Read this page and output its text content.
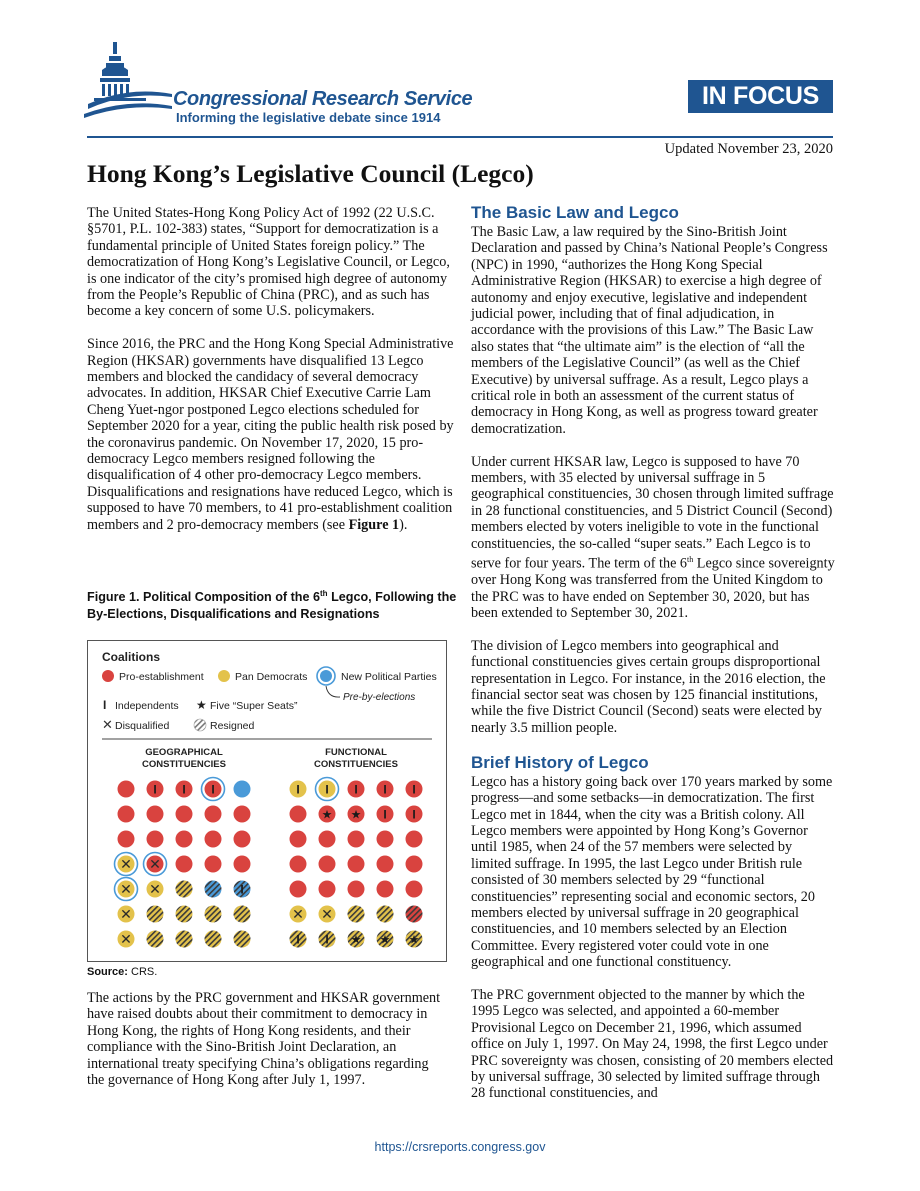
Congressional Research Service
Informing the legislative debate since 1914
IN FOCUS
Updated November 23, 2020
Hong Kong’s Legislative Council (Legco)

The United States-Hong Kong Policy Act of 1992 (22 U.S.C. §5701, P.L. 102-383) states, “Support for democratization is a fundamental principle of United States foreign policy.” The democratization of Hong Kong’s Legislative Council, or Legco, is one indicator of the city’s promised high degree of autonomy from the People’s Republic of China (PRC), and as such has become a key concern of some U.S. policymakers.

Since 2016, the PRC and the Hong Kong Special Administrative Region (HKSAR) governments have disqualified 13 Legco members and blocked the candidacy of several democracy advocates. In addition, HKSAR Chief Executive Carrie Lam Cheng Yuet-ngor postponed Legco elections scheduled for September 2020 for a year, citing the public health risk posed by the coronavirus pandemic. On November 17, 2020, 15 pro-democracy Legco members resigned following the disqualification of 4 other pro-democracy Legco members. Disqualifications and resignations have reduced Legco, which is supposed to have 70 members, to 41 pro-establishment coalition members and 2 pro-democracy members (see Figure 1).

Figure 1. Political Composition of the 6th Legco, Following the By-Elections, Disqualifications and Resignations
Coalitions
Pro-establishment	Pan Democrats	New Political Parties
Pre-by-elections
I Independents ★ Five “Super Seats”
✕ Disqualified	Resigned
GEOGRAPHICAL
CONSTITUENCIES
FUNCTIONAL
CONSTITUENCIES
I I I
✕ ✕
✕ ✕	I
✕
✕
I I I I I
★ ★ I I
✕ ✕
I I ★ ★ ★
Source: CRS.

The actions by the PRC government and HKSAR government have raised doubts about their commitment to democracy in Hong Kong, the rights of Hong Kong residents, and their compliance with the Sino-British Joint Declaration, an international treaty specifying China’s obligations regarding the governance of Hong Kong after July 1, 1997.

The Basic Law and Legco

The Basic Law, a law required by the Sino-British Joint Declaration and passed by China’s National People’s Congress (NPC) in 1990, “authorizes the Hong Kong Special Administrative Region (HKSAR) to exercise a high degree of autonomy and enjoy executive, legislative and independent judicial power, including that of final adjudication, in accordance with the provisions of this Law.” The Basic Law also states that “the ultimate aim” is the election of “all the members of the Legislative Council” (as well as the Chief Executive) by universal suffrage. As a result, Legco plays a critical role in both an assessment of the current status of democracy in Hong Kong, as well as progress toward greater democratization.

Under current HKSAR law, Legco is supposed to have 70 members, with 35 elected by universal suffrage in 5 geographical constituencies, 30 chosen through limited suffrage in 28 functional constituencies, and 5 District Council (Second) members elected by voters ineligible to vote in the functional constituencies, the so-called “super seats.” Each Legco is to serve for four years. The term of the 6th Legco since sovereignty over Hong Kong was transferred from the United Kingdom to the PRC was to have ended on September 30, 2020, but has been extended to September 30, 2021.

The division of Legco members into geographical and functional constituencies gives certain groups disproportional representation in Legco. For instance, in the 2016 election, the financial sector seat was chosen by 125 financial institutions, while the five District Council (Second) seats were elected by nearly 3.5 million people.

Brief History of Legco

Legco has a history going back over 170 years marked by some progress—and some setbacks—in democratization. The first Legco met in 1844, when the city was a British colony. All Legco members were appointed by Hong Kong’s Governor until 1985, when 24 of the 57 members were selected by limited suffrage. In 1995, the last Legco under British rule consisted of 30 members selected by 29 “functional constituencies” representing social and economic sectors, 20 members elected by universal suffrage in 20 geographical constituencies, and 10 members selected by an Election Committee. Every registered voter could vote in one geographical and one functional constituency.

The PRC government objected to the manner by which the 1995 Legco was selected, and appointed a 60-member Provisional Legco on December 21, 1996, which assumed office on July 1, 1997. On May 24, 1998, the first Legco under PRC sovereignty was chosen, consisting of 20 members elected by universal suffrage, 30 selected by limited suffrage through 28 functional constituencies, and

https://crsreports.congress.gov
